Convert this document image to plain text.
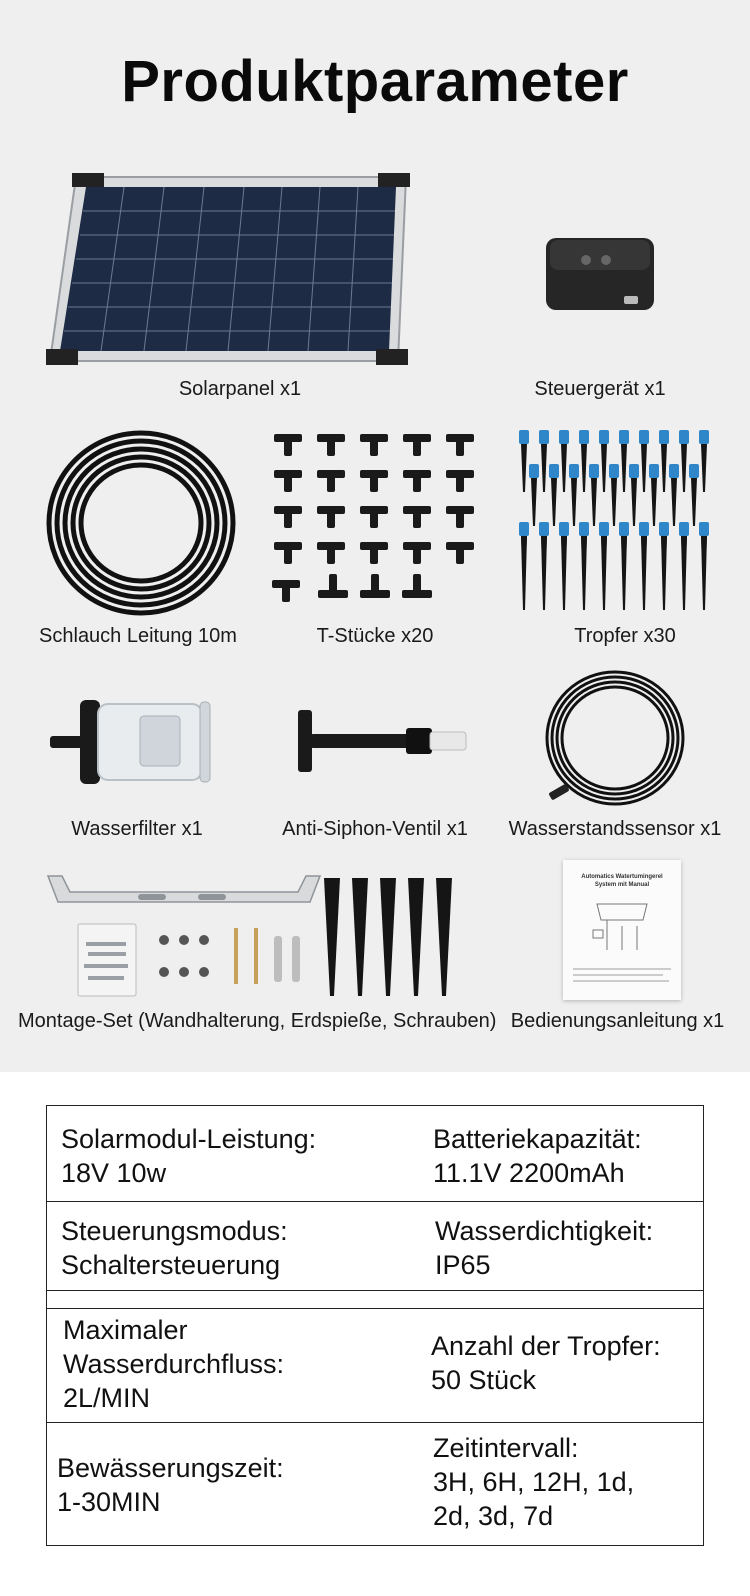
Produktparameter
Solarpanel x1	Steuergerät x1
Schlauch Leitung 10m	T-Stücke x20	Tropfer x30
Wasserfilter x1	Anti-Siphon-Ventil x1	Wasserstandssensor x1
Montage-Set (Wandhalterung, Erdspieße, Schrauben)
Automatics Watertumingerel
System mit Manual
Bedienungsanleitung x1
Solarmodul-Leistung:
18V 10w
Batteriekapazität:
11.1V 2200mAh
Steuerungsmodus:
Schaltersteuerung
Wasserdichtigkeit:
IP65
Maximaler
Wasserdurchfluss:
2L/MIN
Anzahl der Tropfer:
50 Stück
Bewässerungszeit:
1-30MIN
Zeitintervall:
3H, 6H, 12H, 1d,
2d, 3d, 7d
